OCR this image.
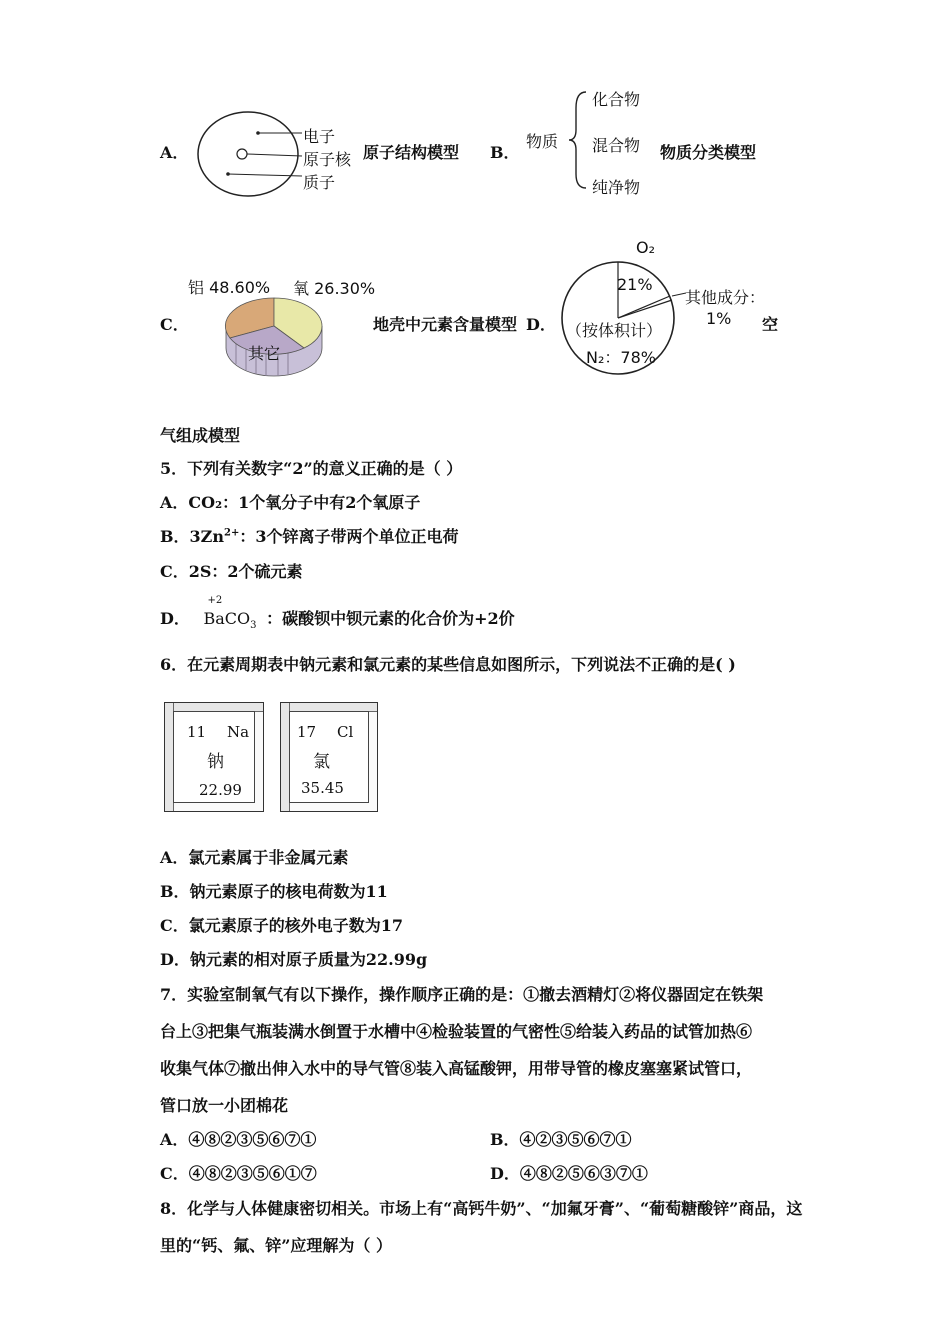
A．
电子
原子核
质子
原子结构模型 B．
物质
化合物
混合物
纯净物
物质分类模型
C．
铝 48.60% 氧 26.30%
其它
地壳中元素含量模型 D．
O₂
21%
其他成分：
1%
（按体积计）
N₂：78%
空
气组成模型
5．下列有关数字“2”的意义正确的是（ ）
A．CO₂：1个氧分子中有2个氧原子
B．$3Zn^{2+}$：3个锌离子带两个单位正电荷
C．2S：2个硫元素
D．
+2
BaCO$_3$ ：碳酸钡中钡元素的化合价为+2价
6．在元素周期表中钠元素和氯元素的某些信息如图所示，下列说法不正确的是( )
11 Na
钠
22.99
17 Cl
氯
35.45
A．氯元素属于非金属元素
B．钠元素原子的核电荷数为11
C．氯元素原子的核外电子数为17
D．钠元素的相对原子质量为22.99g
7．实验室制氧气有以下操作，操作顺序正确的是：①撤去酒精灯②将仪器固定在铁架
台上③把集气瓶装满水倒置于水槽中④检验装置的气密性⑤给装入药品的试管加热⑥
收集气体⑦撤出伸入水中的导气管⑧装入高锰酸钾，用带导管的橡皮塞塞紧试管口，
管口放一小团棉花
A．④⑧②③⑤⑥⑦①	B．④②③⑤⑥⑦①
C．④⑧②③⑤⑥①⑦	D．④⑧②⑤⑥③⑦①
8．化学与人体健康密切相关。市场上有“高钙牛奶”、“加氟牙膏”、“葡萄糖酸锌”商品，这
里的“钙、氟、锌”应理解为（ ）
